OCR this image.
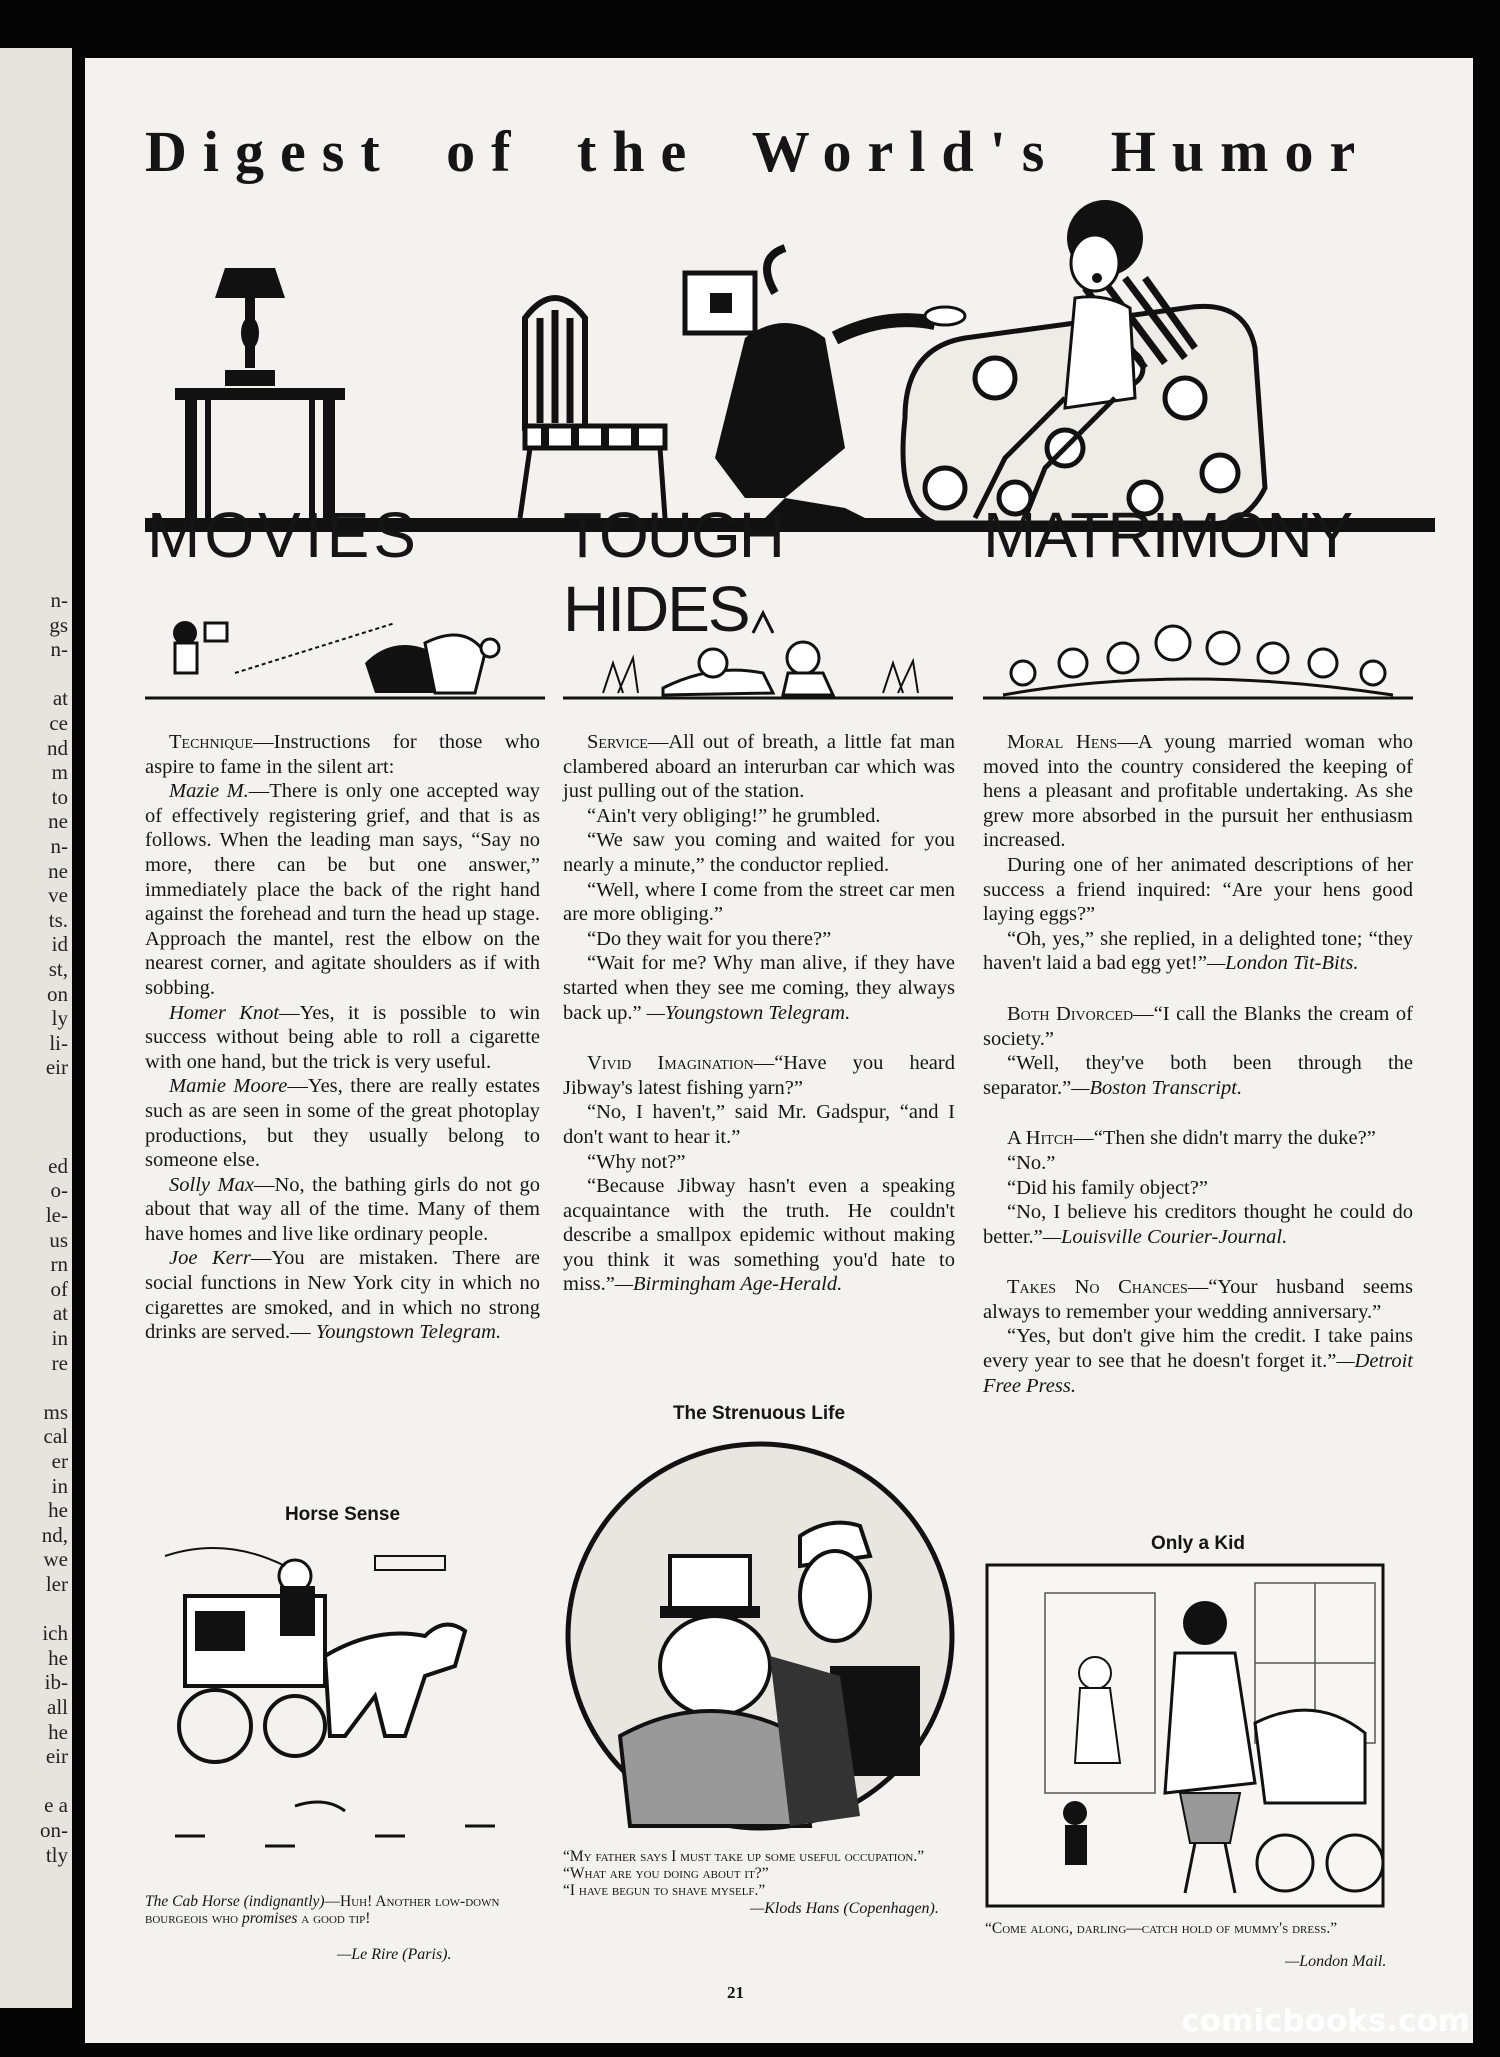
n-
gs
n-
at
ce
nd
m
to
ne
n-
ne
ve
ts.
id
st,
on
ly
li-
eir
ed
o-
le-
us
rn
of
at
in
re
ms
cal
er
in
he
nd,
we
ler
ich
he
ib-
all
he
eir
e a
on-
tly
Digest of the World's Humor
MOVIES	TOUGH HIDES
MATRIMONY

Technique—Instructions for those who aspire to fame in the silent art:

Mazie M.—There is only one accepted way of effectively registering grief, and that is as follows. When the leading man says, “Say no more, there can be but one answer,” immediately place the back of the right hand against the forehead and turn the head up stage. Approach the mantel, rest the elbow on the nearest corner, and agitate shoulders as if with sobbing.

Homer Knot—Yes, it is possible to win success without being able to roll a cigarette with one hand, but the trick is very useful.

Mamie Moore—Yes, there are really estates such as are seen in some of the great photoplay productions, but they usually belong to someone else.

Solly Max—No, the bathing girls do not go about that way all of the time. Many of them have homes and live like ordinary people.

Joe Kerr—You are mistaken. There are social functions in New York city in which no cigarettes are smoked, and in which no strong drinks are served.— Youngstown Telegram.

Service—All out of breath, a little fat man clambered aboard an interurban car which was just pulling out of the station.

“Ain't very obliging!” he grumbled.

“We saw you coming and waited for you nearly a minute,” the conductor replied.

“Well, where I come from the street car men are more obliging.”

“Do they wait for you there?”

“Wait for me? Why man alive, if they have started when they see me coming, they always back up.” —Youngstown Telegram.

Vivid Imagination—“Have you heard Jibway's latest fishing yarn?”

“No, I haven't,” said Mr. Gadspur, “and I don't want to hear it.”

“Why not?”

“Because Jibway hasn't even a speaking acquaintance with the truth. He couldn't describe a smallpox epidemic without making you think it was something you'd hate to miss.”—Birmingham Age-Herald.

Moral Hens—A young married woman who moved into the country considered the keeping of hens a pleasant and profitable undertaking. As she grew more absorbed in the pursuit her enthusiasm increased.

During one of her animated descriptions of her success a friend inquired: “Are your hens good laying eggs?”

“Oh, yes,” she replied, in a delighted tone; “they haven't laid a bad egg yet!”—London Tit-Bits.

Both Divorced—“I call the Blanks the cream of society.”

“Well, they've both been through the separator.”—Boston Transcript.

A Hitch—“Then she didn't marry the duke?”

“No.”

“Did his family object?”

“No, I believe his creditors thought he could do better.”—Louisville Courier-Journal.

Takes No Chances—“Your husband seems always to remember your wedding anniversary.”

“Yes, but don't give him the credit. I take pains every year to see that he doesn't forget it.”—Detroit Free Press.

Horse Sense
The Cab Horse (indignantly)—Huh! Another low-down bourgeois who promises a good tip!
—Le Rire (Paris).
The Strenuous Life
“My father says I must take up some useful occupation.”
“What are you doing about it?”
“I have begun to shave myself.”
—Klods Hans (Copenhagen).
Only a Kid
“Come along, darling—catch hold of mummy's dress.”
—London Mail.
21
comicbooks.com
